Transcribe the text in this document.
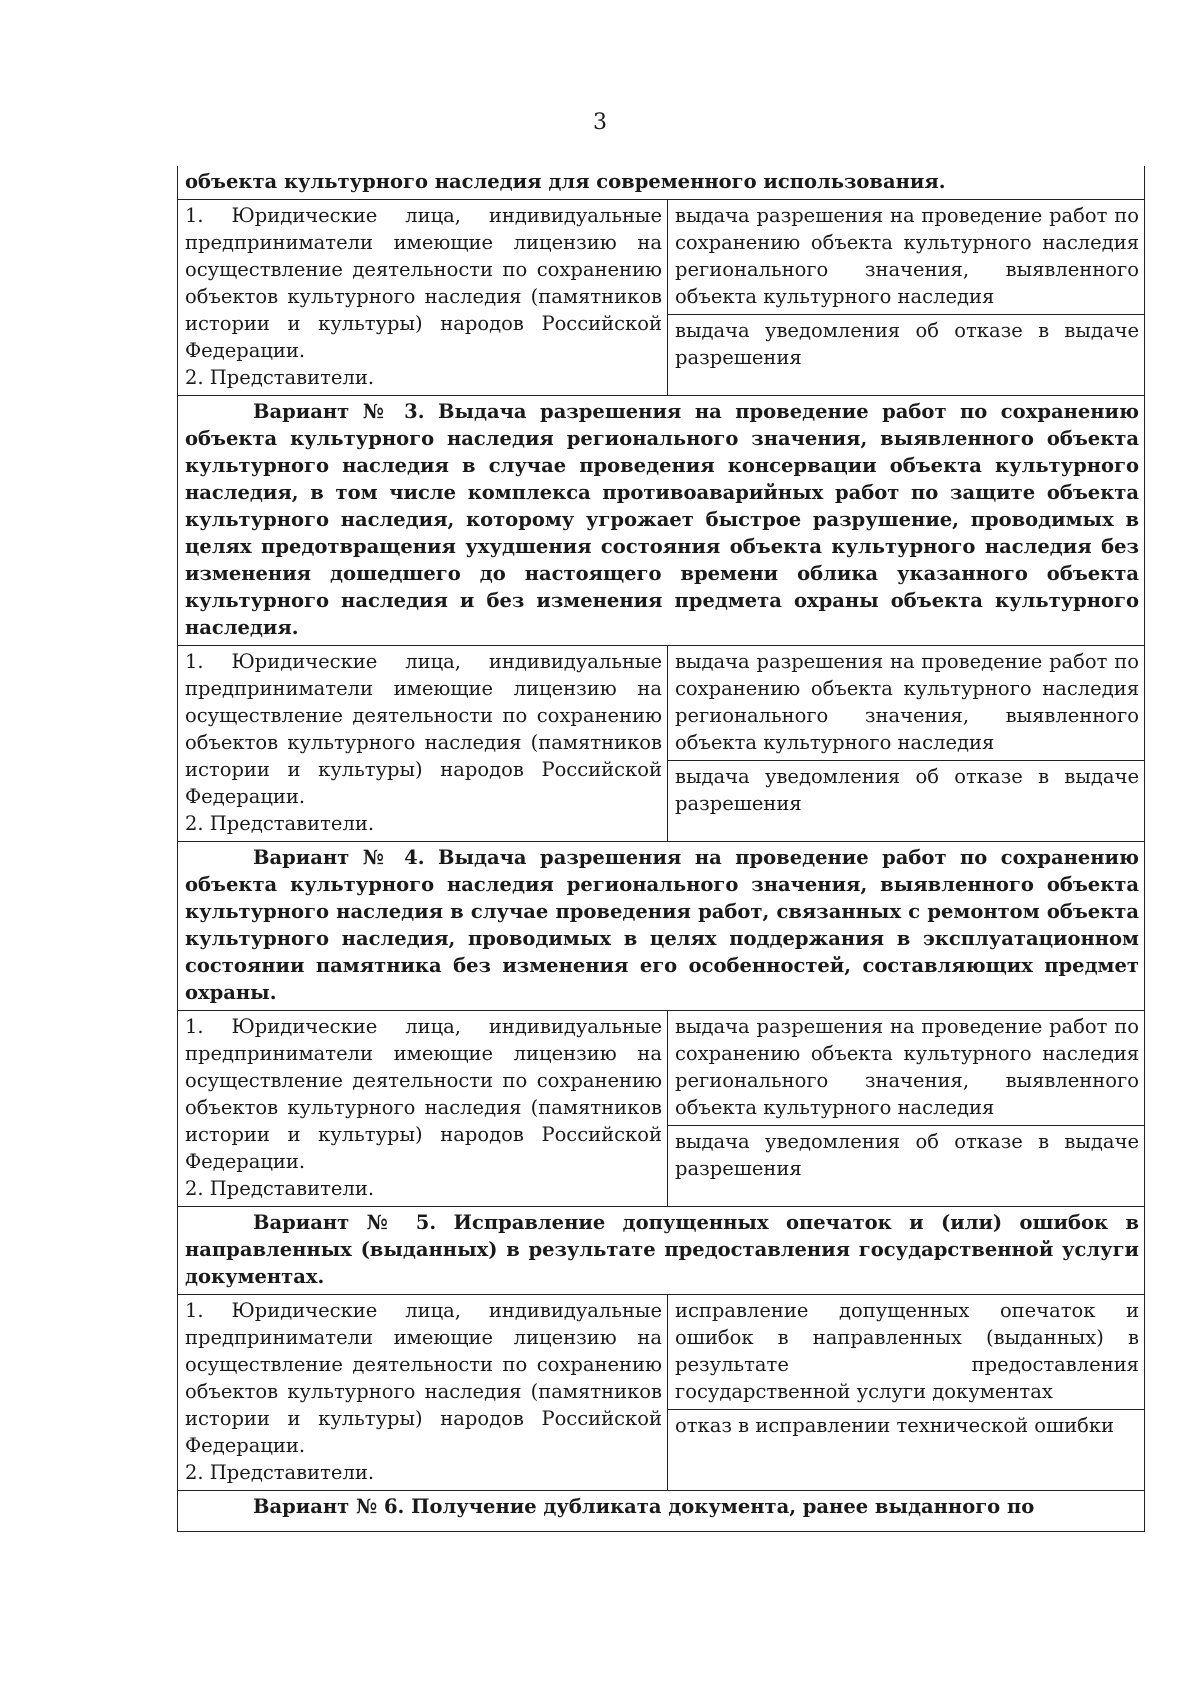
3
объекта культурного наследия для современного использования.	

1. Юридические лица, индивидуальные предприниматели имеющие лицензию на осуществление деятельности по сохранению объектов культурного наследия (памятников истории и культуры) народов Российской Федерации.
2. Представители.	выдача разрешения на проведение работ по сохранению объекта культурного наследия регионального значения, выявленного объекта культурного наследия
	выдача уведомления об отказе в выдаче разрешения
Вариант № 3. Выдача разрешения на проведение работ по сохранению объекта культурного наследия регионального значения, выявленного объекта культурного наследия в случае проведения консервации объекта культурного наследия, в том числе комплекса противоаварийных работ по защите объекта культурного наследия, которому угрожает быстрое разрушение, проводимых в целях предотвращения ухудшения состояния объекта культурного наследия без изменения дошедшего до настоящего времени облика указанного объекта культурного наследия и без изменения предмета охраны объекта культурного наследия.	

1. Юридические лица, индивидуальные предприниматели имеющие лицензию на осуществление деятельности по сохранению объектов культурного наследия (памятников истории и культуры) народов Российской Федерации.
2. Представители.	выдача разрешения на проведение работ по сохранению объекта культурного наследия регионального значения, выявленного объекта культурного наследия
	выдача уведомления об отказе в выдаче разрешения
Вариант № 4. Выдача разрешения на проведение работ по сохранению объекта культурного наследия регионального значения, выявленного объекта культурного наследия в случае проведения работ, связанных с ремонтом объекта культурного наследия, проводимых в целях поддержания в эксплуатационном состоянии памятника без изменения его особенностей, составляющих предмет охраны.	

1. Юридические лица, индивидуальные предприниматели имеющие лицензию на осуществление деятельности по сохранению объектов культурного наследия (памятников истории и культуры) народов Российской Федерации.
2. Представители.	выдача разрешения на проведение работ по сохранению объекта культурного наследия регионального значения, выявленного объекта культурного наследия
	выдача уведомления об отказе в выдаче разрешения
Вариант № 5. Исправление допущенных опечаток и (или) ошибок в направленных (выданных) в результате предоставления государственной услуги документах.	

1. Юридические лица, индивидуальные предприниматели имеющие лицензию на осуществление деятельности по сохранению объектов культурного наследия (памятников истории и культуры) народов Российской Федерации.
2. Представители.	исправление допущенных опечаток и ошибок в направленных (выданных) в результате предоставления государственной услуги документах
	отказ в исправлении технической ошибки
Вариант № 6. Получение дубликата документа, ранее выданного по	
